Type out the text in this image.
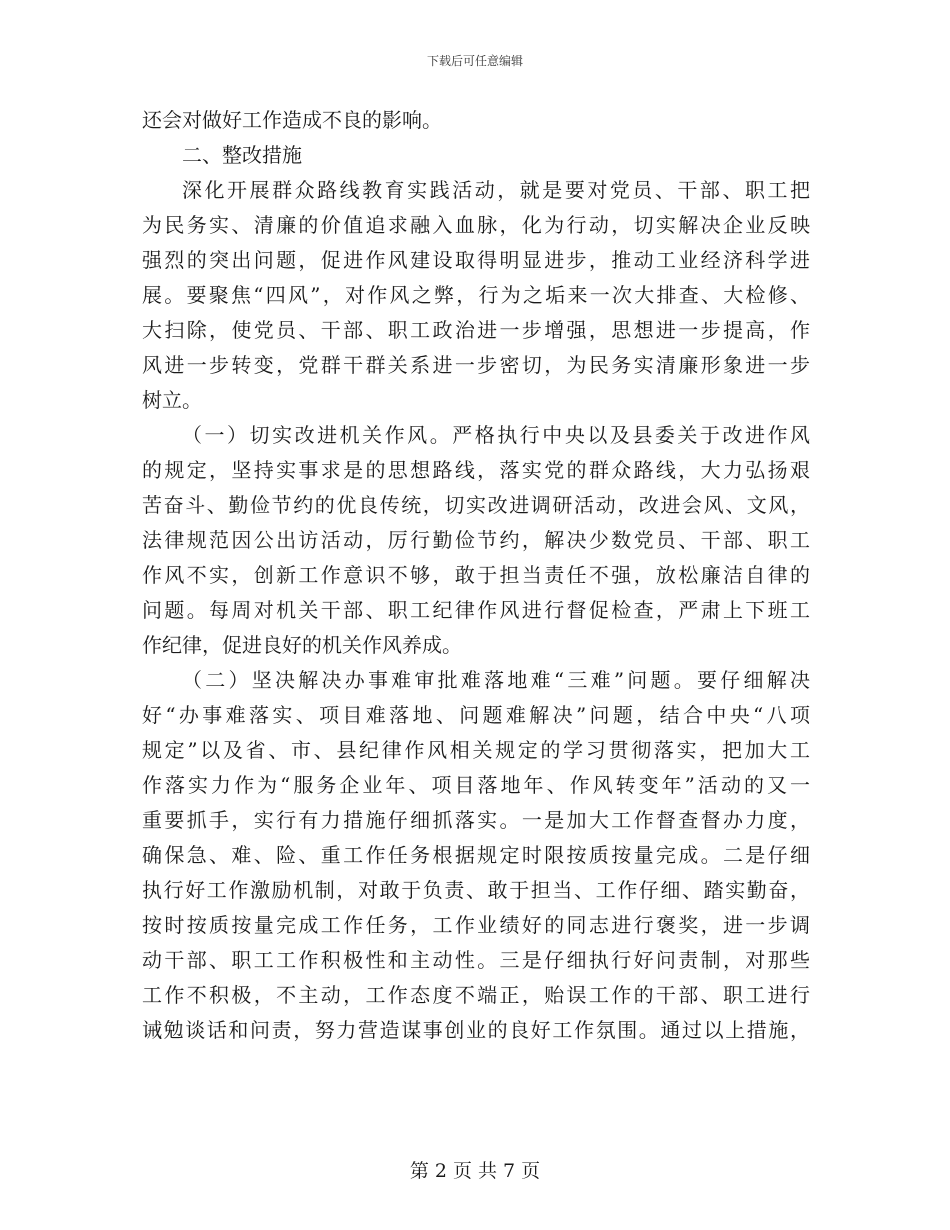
下载后可任意编辑
还会对做好工作造成不良的影响。
二、整改措施
深化开展群众路线教育实践活动，就是要对党员、干部、职工把
为民务实、清廉的价值追求融入血脉，化为行动，切实解决企业反映
强烈的突出问题，促进作风建设取得明显进步，推动工业经济科学进
展。要聚焦“四风”，对作风之弊，行为之垢来一次大排查、大检修、
大扫除，使党员、干部、职工政治进一步增强，思想进一步提高，作
风进一步转变，党群干群关系进一步密切，为民务实清廉形象进一步
树立。
（一）切实改进机关作风。严格执行中央以及县委关于改进作风
的规定，坚持实事求是的思想路线，落实党的群众路线，大力弘扬艰
苦奋斗、勤俭节约的优良传统，切实改进调研活动，改进会风、文风，
法律规范因公出访活动，厉行勤俭节约，解决少数党员、干部、职工
作风不实，创新工作意识不够，敢于担当责任不强，放松廉洁自律的
问题。每周对机关干部、职工纪律作风进行督促检查，严肃上下班工
作纪律，促进良好的机关作风养成。
（二）坚决解决办事难审批难落地难“三难”问题。要仔细解决
好“办事难落实、项目难落地、问题难解决”问题，结合中央“八项
规定”以及省、市、县纪律作风相关规定的学习贯彻落实，把加大工
作落实力作为“服务企业年、项目落地年、作风转变年”活动的又一
重要抓手，实行有力措施仔细抓落实。一是加大工作督查督办力度，
确保急、难、险、重工作任务根据规定时限按质按量完成。二是仔细
执行好工作激励机制，对敢于负责、敢于担当、工作仔细、踏实勤奋，
按时按质按量完成工作任务，工作业绩好的同志进行褒奖，进一步调
动干部、职工工作积极性和主动性。三是仔细执行好问责制，对那些
工作不积极，不主动，工作态度不端正，贻误工作的干部、职工进行
诫勉谈话和问责，努力营造谋事创业的良好工作氛围。通过以上措施，
第 2 页 共 7 页
